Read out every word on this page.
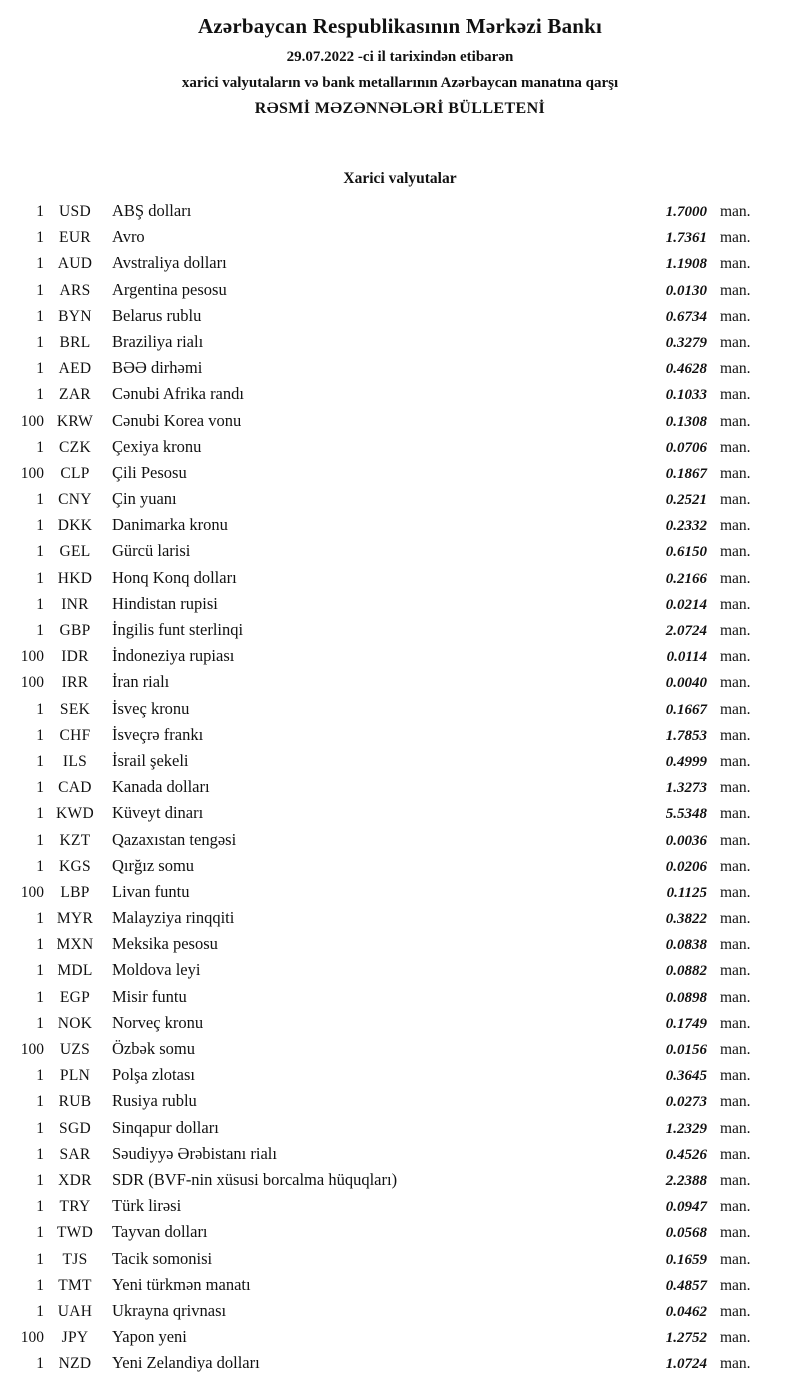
Azərbaycan Respublikasının Mərkəzi Bankı
29.07.2022 -ci il tarixindən etibarən
xarici valyutaların və bank metallarının Azərbaycan manatına qarşı
RƏSMİ MƏZƏNNƏLƏRİ BÜLLETENİ
Xarici valyutalar
1 USD	ABŞ dolları	1.7000 man.
1 EUR	Avro	1.7361 man.
1 AUD	Avstraliya dolları	1.1908 man.
1 ARS	Argentina pesosu	0.0130 man.
1 BYN	Belarus rublu	0.6734 man.
1 BRL	Braziliya rialı	0.3279 man.
1 AED	BƏƏ dirhəmi	0.4628 man.
1 ZAR	Cənubi Afrika randı	0.1033 man.
100 KRW	Cənubi Korea vonu	0.1308 man.
1 CZK	Çexiya kronu	0.0706 man.
100	CLP	Çili Pesosu	0.1867 man.
1 CNY	Çin yuanı	0.2521 man.
1 DKK	Danimarka kronu	0.2332 man.
1 GEL	Gürcü larisi	0.6150 man.
1 HKD	Honq Konq dolları	0.2166 man.
1	INR	Hindistan rupisi	0.0214 man.
1 GBP	İngilis funt sterlinqi	2.0724 man.
100	IDR	İndoneziya rupiası	0.0114 man.
100	IRR	İran rialı	0.0040 man.
1	SEK	İsveç kronu	0.1667 man.
1 CHF	İsveçrə frankı	1.7853 man.
1	ILS	İsrail şekeli	0.4999 man.
1 CAD	Kanada dolları	1.3273 man.
1 KWD	Küveyt dinarı	5.5348 man.
1 KZT	Qazaxıstan tengəsi	0.0036 man.
1 KGS	Qırğız somu	0.0206 man.
100	LBP	Livan funtu	0.1125 man.
1 MYR	Malayziya rinqqiti	0.3822 man.
1 MXN	Meksika pesosu	0.0838 man.
1 MDL	Moldova leyi	0.0882 man.
1	EGP	Misir funtu	0.0898 man.
1 NOK	Norveç kronu	0.1749 man.
100	UZS	Özbək somu	0.0156 man.
1	PLN	Polşa zlotası	0.3645 man.
1 RUB	Rusiya rublu	0.0273 man.
1 SGD	Sinqapur dolları	1.2329 man.
1 SAR	Səudiyyə Ərəbistanı rialı	0.4526 man.
1 XDR	SDR (BVF-nin xüsusi borcalma hüquqları)	2.2388 man.
1 TRY	Türk lirəsi	0.0947 man.
1 TWD	Tayvan dolları	0.0568 man.
1	TJS	Tacik somonisi	0.1659 man.
1 TMT	Yeni türkmən manatı	0.4857 man.
1 UAH	Ukrayna qrivnası	0.0462 man.
100	JPY	Yapon yeni	1.2752 man.
1 NZD	Yeni Zelandiya dolları	1.0724 man.
